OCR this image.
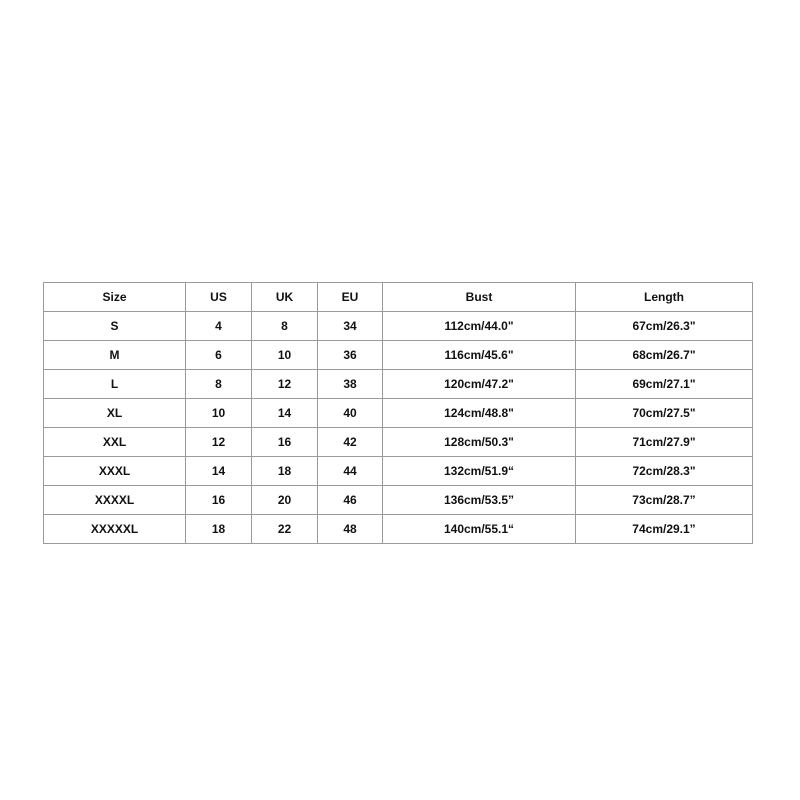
Size	US	UK	EU	Bust	Length
S	4	8	34	112cm/44.0"	67cm/26.3"
M	6	10	36	116cm/45.6"	68cm/26.7"
L	8	12	38	120cm/47.2"	69cm/27.1"
XL	10	14	40	124cm/48.8"	70cm/27.5"
XXL	12	16	42	128cm/50.3"	71cm/27.9"
XXXL	14	18	44	132cm/51.9“	72cm/28.3"
XXXXL	16	20	46	136cm/53.5”	73cm/28.7”
XXXXXL	18	22	48	140cm/55.1“	74cm/29.1”
